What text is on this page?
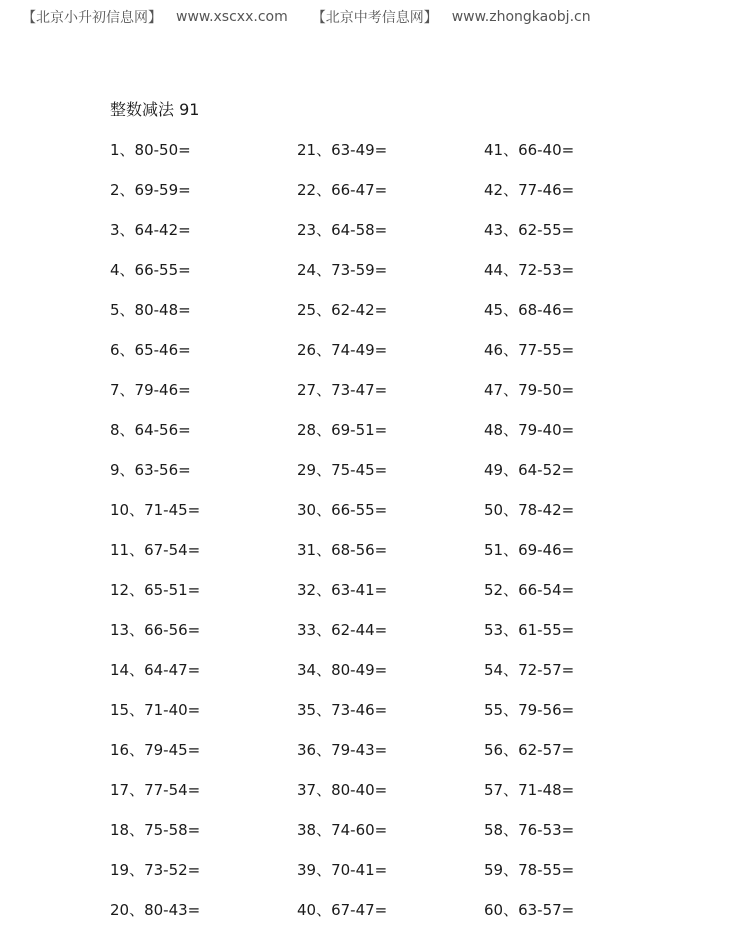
【北京小升初信息网】 www.xscxx.com 【北京中考信息网】 www.zhongkaobj.cn
整数减法 91
1、80-50=
2、69-59=
3、64-42=
4、66-55=
5、80-48=
6、65-46=
7、79-46=
8、64-56=
9、63-56=
10、71-45=
11、67-54=
12、65-51=
13、66-56=
14、64-47=
15、71-40=
16、79-45=
17、77-54=
18、75-58=
19、73-52=
20、80-43=
21、63-49=
22、66-47=
23、64-58=
24、73-59=
25、62-42=
26、74-49=
27、73-47=
28、69-51=
29、75-45=
30、66-55=
31、68-56=
32、63-41=
33、62-44=
34、80-49=
35、73-46=
36、79-43=
37、80-40=
38、74-60=
39、70-41=
40、67-47=
41、66-40=
42、77-46=
43、62-55=
44、72-53=
45、68-46=
46、77-55=
47、79-50=
48、79-40=
49、64-52=
50、78-42=
51、69-46=
52、66-54=
53、61-55=
54、72-57=
55、79-56=
56、62-57=
57、71-48=
58、76-53=
59、78-55=
60、63-57=
